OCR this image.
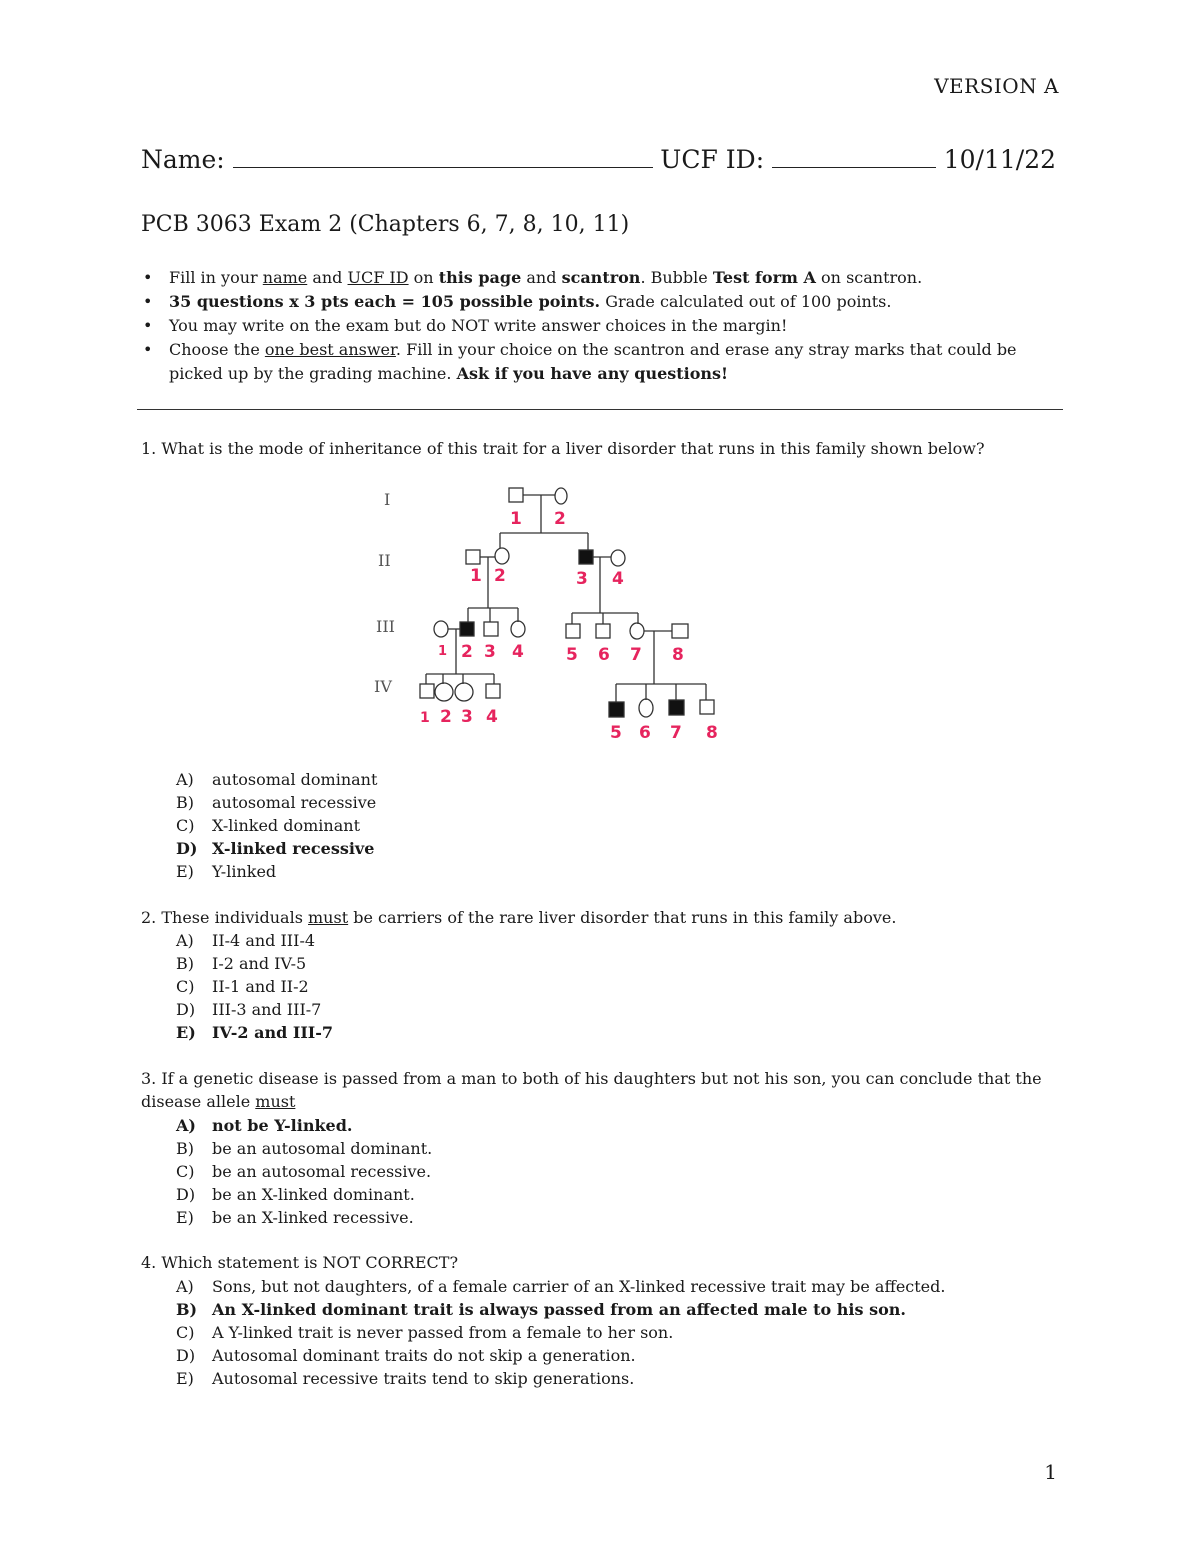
VERSION A
Name:	UCF ID:	10/11/22
PCB 3063 Exam 2 (Chapters 6, 7, 8, 10, 11)
• Fill in your name and UCF ID on this page and scantron. Bubble Test form A on scantron.
• 35 questions x 3 pts each = 105 possible points. Grade calculated out of 100 points.
• You may write on the exam but do NOT write answer choices in the margin!
• Choose the one best answer. Fill in your choice on the scantron and erase any stray marks that could be picked up by the grading machine. Ask if you have any questions!
1. What is the mode of inheritance of this trait for a liver disorder that runs in this family shown below?
I
II
III
IV
1 2
1 2	3 4
1 2 3 4 5 6 7 8
1 2 3 4
5 6 7 8
A)	autosomal dominant
B)	autosomal recessive
C)	X-linked dominant
D) X-linked recessive
E)	Y-linked
2. These individuals must be carriers of the rare liver disorder that runs in this family above.
A)	II-4 and III-4
B)	I-2 and IV-5
C)	II-1 and II-2
D)	III-3 and III-7
E)	IV-2 and III-7
3. If a genetic disease is passed from a man to both of his daughters but not his son, you can conclude that the disease allele must
A)	not be Y-linked.
B)	be an autosomal dominant.
C)	be an autosomal recessive.
D)	be an X-linked dominant.
E)	be an X-linked recessive.
4. Which statement is NOT CORRECT?
A)	Sons, but not daughters, of a female carrier of an X-linked recessive trait may be affected.
B) An X-linked dominant trait is always passed from an affected male to his son.
C)	A Y-linked trait is never passed from a female to her son.
D)	Autosomal dominant traits do not skip a generation.
E)	Autosomal recessive traits tend to skip generations.
1
